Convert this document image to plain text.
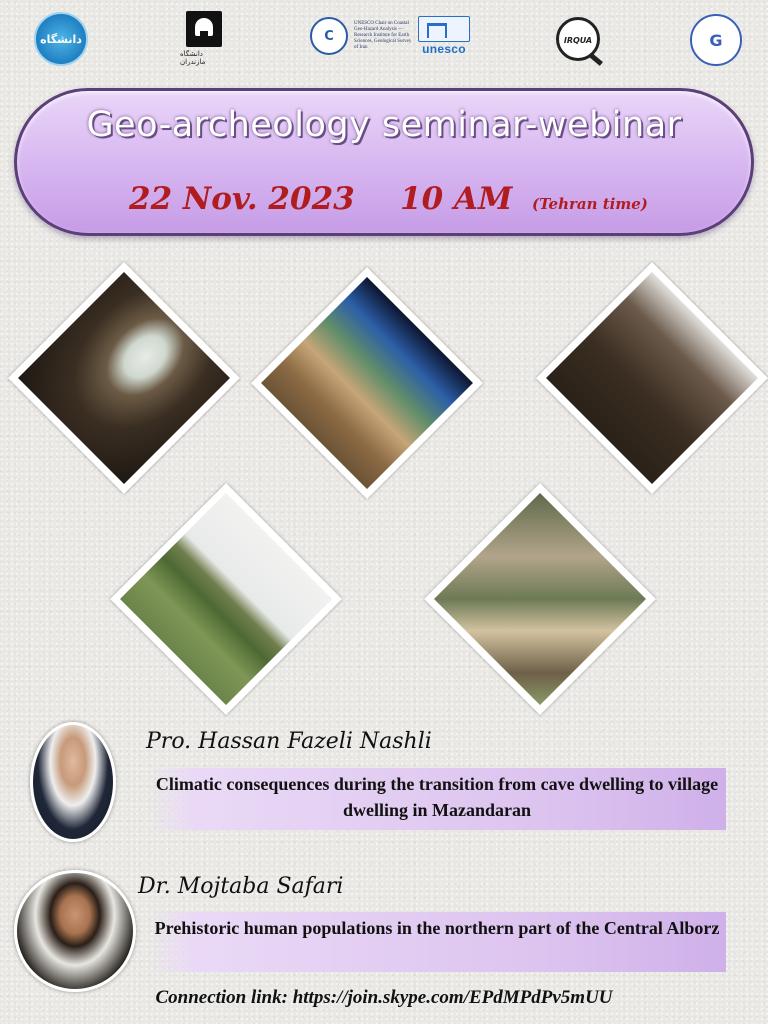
دانشگاه
دانشگاه مازندران
C
UNESCO Chair on Coastal Geo-Hazard Analysis — Research Institute for Earth Sciences, Geological Survey of Iran	unesco
IRQUA	G
Geo-archeology seminar-webinar
22 Nov. 2023 10 AM (Tehran time)
Pro. Hassan Fazeli Nashli
Climatic consequences during the transition from cave dwelling to village dwelling in Mazandaran
Dr. Mojtaba Safari
Prehistoric human populations in the northern part of the Central Alborz
Connection link: https://join.skype.com/EPdMPdPv5mUU
